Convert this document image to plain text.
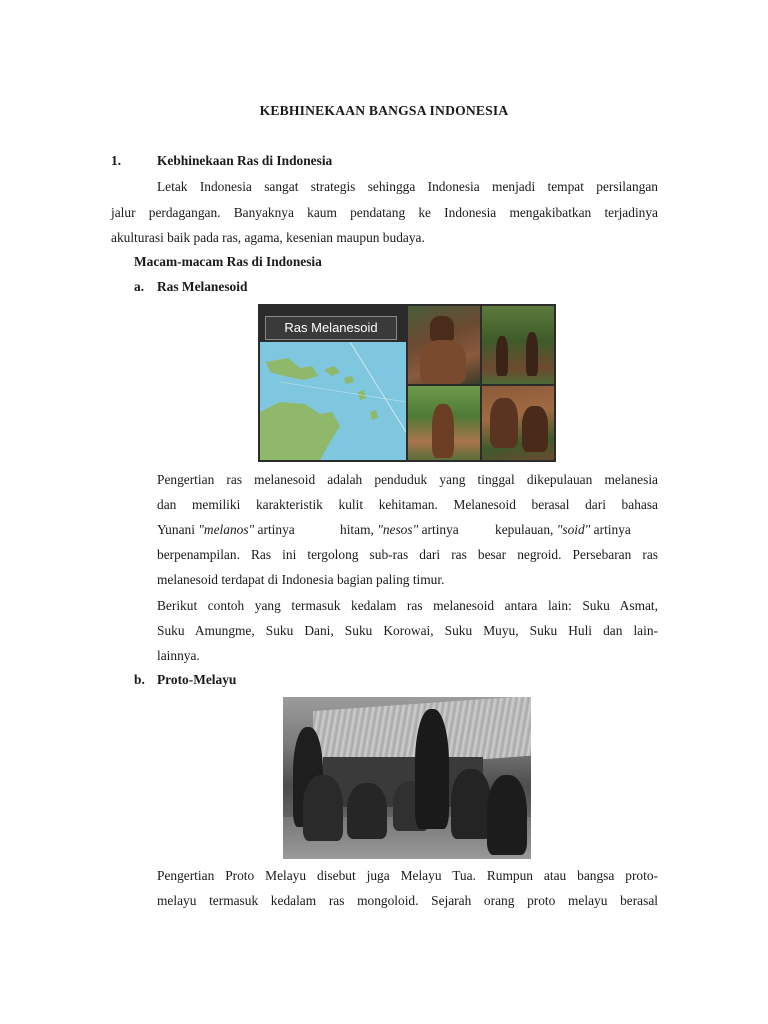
KEBHINEKAAN BANGSA INDONESIA
1.	Kebhinekaan Ras di Indonesia
Letak Indonesia sangat strategis sehingga Indonesia menjadi tempat persilangan
jalur perdagangan. Banyaknya kaum pendatang ke Indonesia mengakibatkan terjadinya
akulturasi baik pada ras, agama, kesenian maupun budaya.
Macam-macam Ras di Indonesia
a. Ras Melanesoid
Ras Melanesoid
Pengertian ras melanesoid adalah penduduk yang tinggal dikepulauan melanesia
dan memiliki karakteristik kulit kehitaman. Melanesoid berasal dari bahasa
Yunani "melanos" artinya	hitam, "nesos" artinya	kepulauan, "soid" artinya
berpenampilan. Ras ini tergolong sub-ras dari ras besar negroid. Persebaran ras
melanesoid terdapat di Indonesia bagian paling timur.
Berikut contoh yang termasuk kedalam ras melanesoid antara lain: Suku Asmat,
Suku Amungme, Suku Dani, Suku Korowai, Suku Muyu, Suku Huli dan lain-
lainnya.
b. Proto-Melayu
Pengertian Proto Melayu disebut juga Melayu Tua. Rumpun atau bangsa proto-
melayu termasuk kedalam ras mongoloid. Sejarah orang proto melayu berasal
